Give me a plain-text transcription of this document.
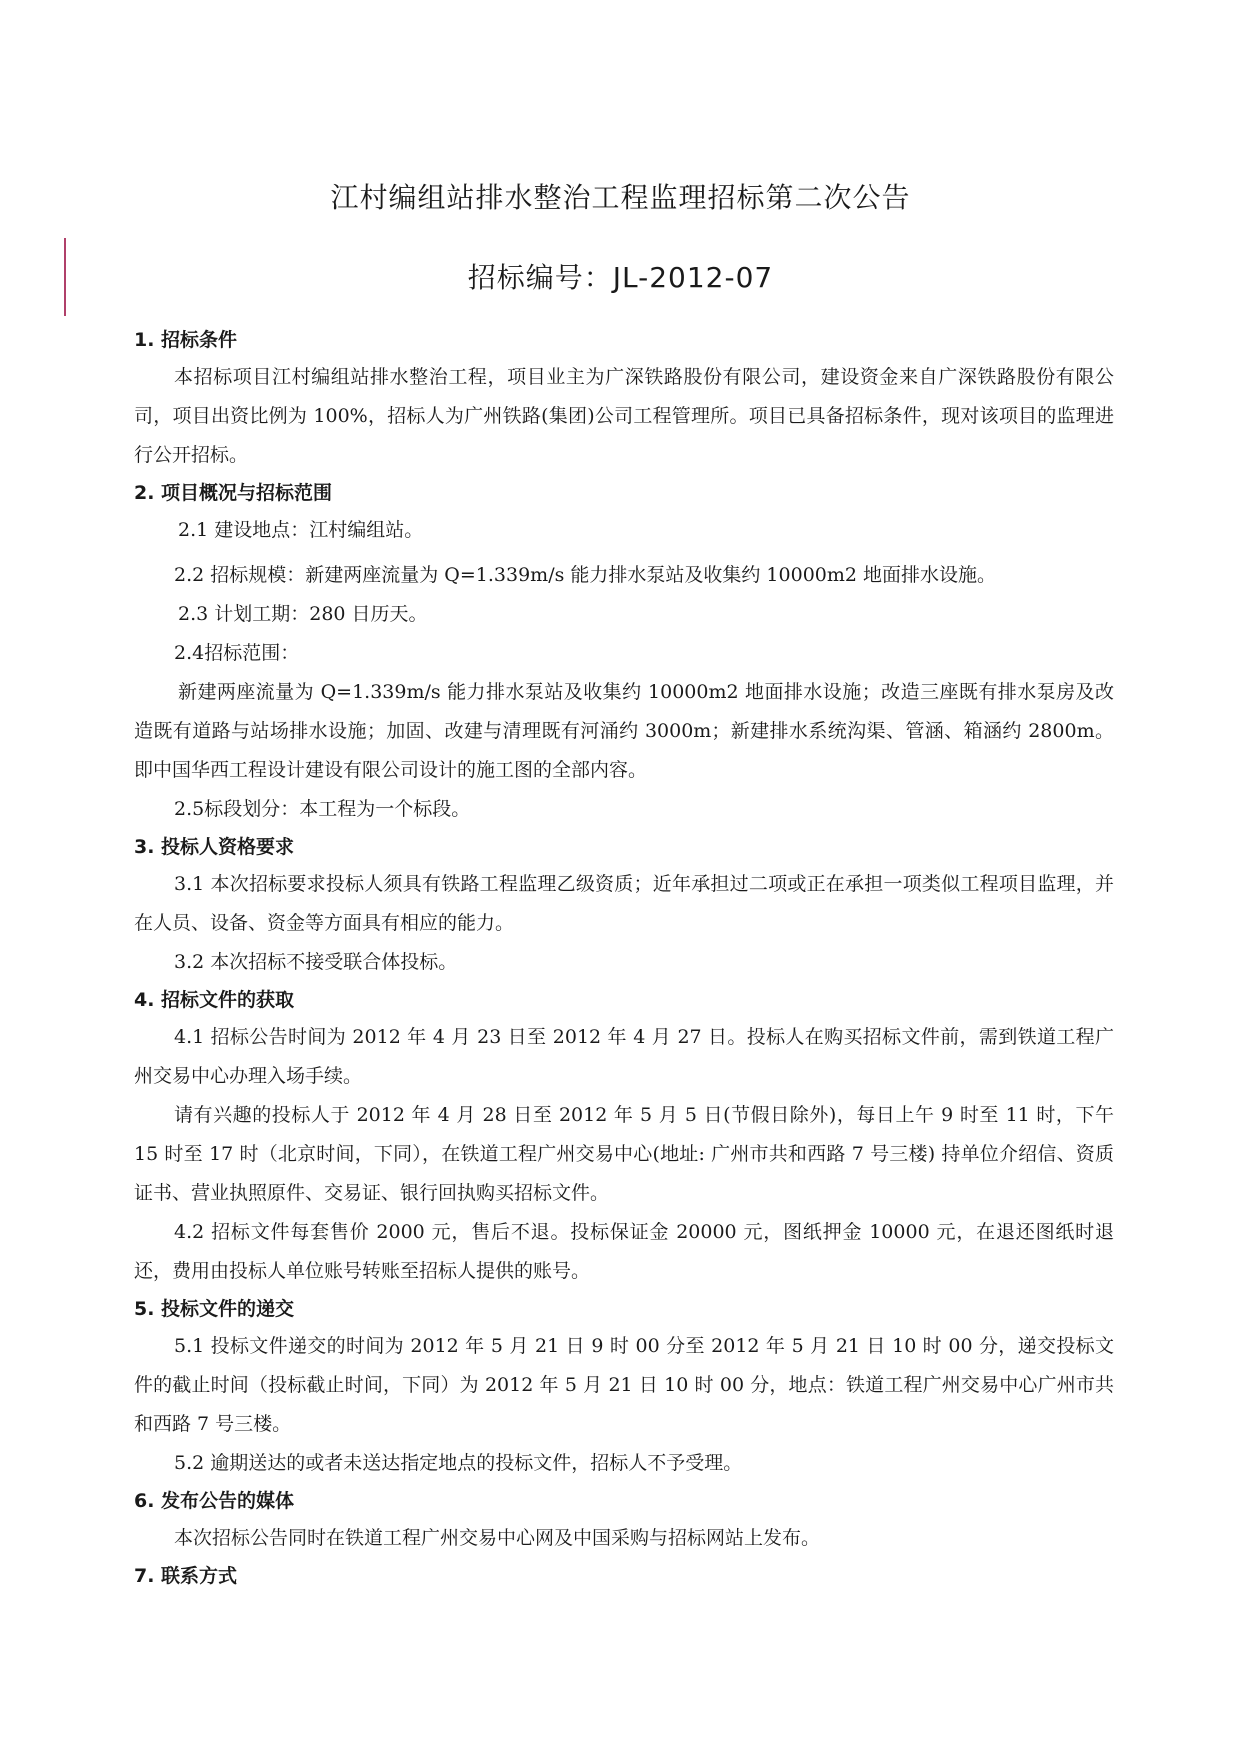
江村编组站排水整治工程监理招标第二次公告
招标编号：JL-2012-07

1. 招标条件

本招标项目江村编组站排水整治工程，项目业主为广深铁路股份有限公司，建设资金来自广深铁路股份有限公司，项目出资比例为 100%，招标人为广州铁路(集团)公司工程管理所。项目已具备招标条件，现对该项目的监理进行公开招标。

2. 项目概况与招标范围

2.1 建设地点：江村编组站。

2.2 招标规模：新建两座流量为 Q=1.339m/s 能力排水泵站及收集约 10000m2 地面排水设施。

2.3 计划工期：280 日历天。

2.4招标范围：

新建两座流量为 Q=1.339m/s 能力排水泵站及收集约 10000m2 地面排水设施；改造三座既有排水泵房及改造既有道路与站场排水设施；加固、改建与清理既有河涌约 3000m；新建排水系统沟渠、管涵、箱涵约 2800m。即中国华西工程设计建设有限公司设计的施工图的全部内容。

2.5标段划分：本工程为一个标段。

3. 投标人资格要求

3.1 本次招标要求投标人须具有铁路工程监理乙级资质；近年承担过二项或正在承担一项类似工程项目监理，并在人员、设备、资金等方面具有相应的能力。

3.2 本次招标不接受联合体投标。

4. 招标文件的获取

4.1 招标公告时间为 2012 年 4 月 23 日至 2012 年 4 月 27 日。投标人在购买招标文件前，需到铁道工程广州交易中心办理入场手续。

请有兴趣的投标人于 2012 年 4 月 28 日至 2012 年 5 月 5 日(节假日除外)，每日上午 9 时至 11 时，下午 15 时至 17 时（北京时间，下同），在铁道工程广州交易中心(地址: 广州市共和西路 7 号三楼) 持单位介绍信、资质证书、营业执照原件、交易证、银行回执购买招标文件。

4.2 招标文件每套售价 2000 元，售后不退。投标保证金 20000 元，图纸押金 10000 元，在退还图纸时退还，费用由投标人单位账号转账至招标人提供的账号。

5. 投标文件的递交

5.1 投标文件递交的时间为 2012 年 5 月 21 日 9 时 00 分至 2012 年 5 月 21 日 10 时 00 分，递交投标文件的截止时间（投标截止时间，下同）为 2012 年 5 月 21 日 10 时 00 分，地点：铁道工程广州交易中心广州市共和西路 7 号三楼。

5.2 逾期送达的或者未送达指定地点的投标文件，招标人不予受理。

6. 发布公告的媒体

本次招标公告同时在铁道工程广州交易中心网及中国采购与招标网站上发布。

7. 联系方式
